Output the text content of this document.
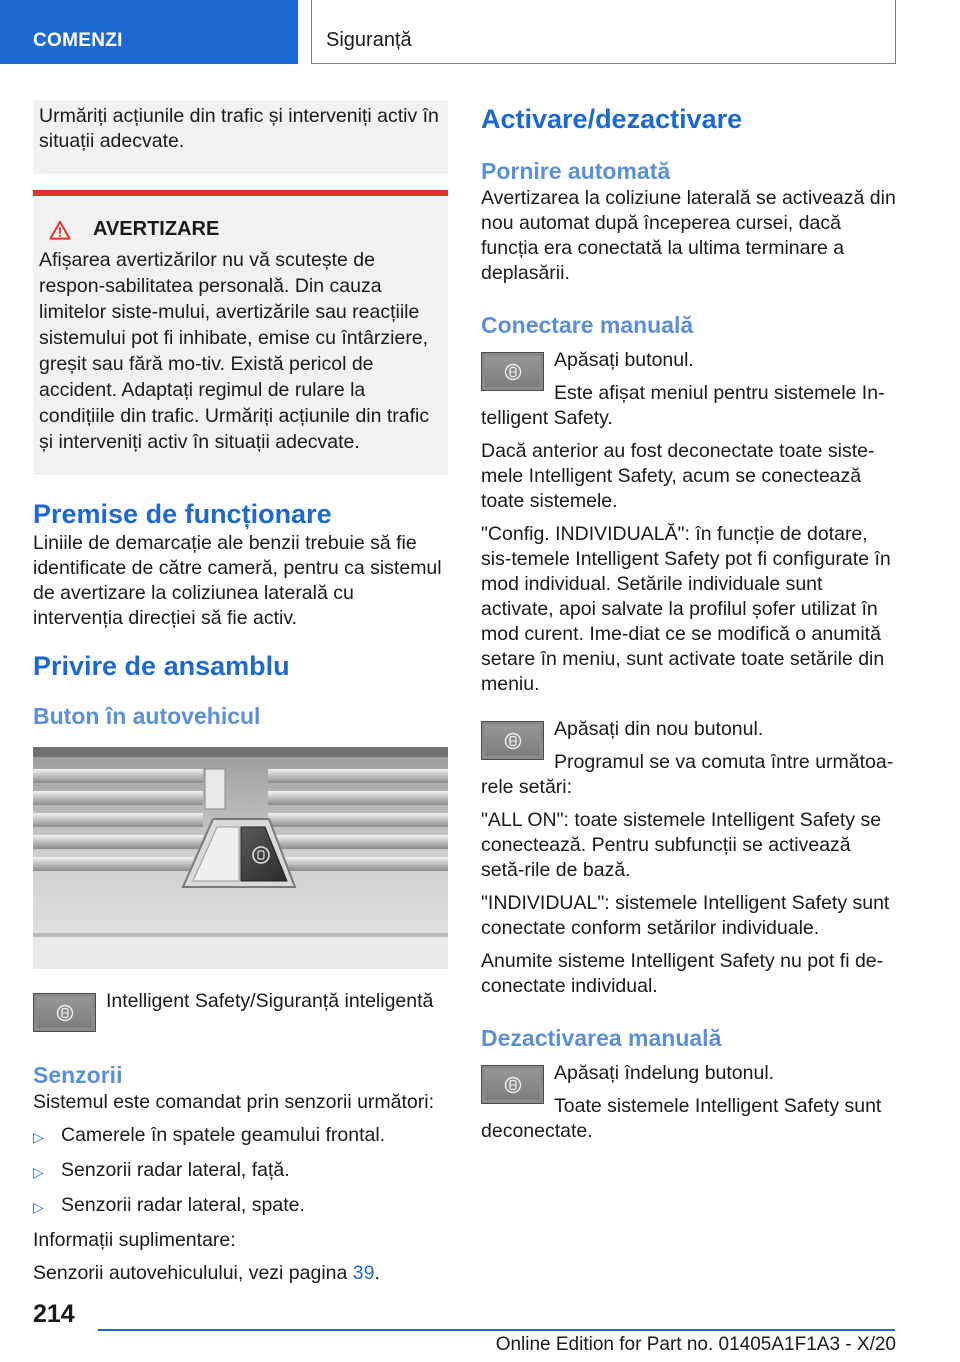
COMENZI	Siguranță
Urmăriți acțiunile din trafic și interveniți activ în situații adecvate.
AVERTIZARE
Afișarea avertizărilor nu vă scutește de respon-sabilitatea personală. Din cauza limitelor siste-mului, avertizările sau reacțiile sistemului pot fi inhibate, emise cu întârziere, greșit sau fără mo-tiv. Există pericol de accident. Adaptați regimul de rulare la condițiile din trafic. Urmăriți acțiunile din trafic și interveniți activ în situații adecvate.
Premise de funcționare
Liniile de demarcație ale benzii trebuie să fie identificate de către cameră, pentru ca sistemul de avertizare la coliziunea laterală cu intervenția direcției să fie activ.
Privire de ansamblu
Buton în autovehicul
Intelligent Safety/Siguranță inteligentă
Senzorii
Sistemul este comandat prin senzorii următori:
▷ Camerele în spatele geamului frontal.
▷ Senzorii radar lateral, față.
▷ Senzorii radar lateral, spate.
Informații suplimentare:
Senzorii autovehiculului, vezi pagina 39.
Activare/dezactivare
Pornire automată
Avertizarea la coliziune laterală se activează din nou automat după începerea cursei, dacă funcția era conectată la ultima terminare a deplasării.
Conectare manuală
Apăsați butonul.
Este afișat meniul pentru sistemele In-telligent Safety.
Dacă anterior au fost deconectate toate siste-mele Intelligent Safety, acum se conectează toate sistemele.
"Config. INDIVIDUALĂ": în funcție de dotare, sis-temele Intelligent Safety pot fi configurate în mod individual. Setările individuale sunt activate, apoi salvate la profilul șofer utilizat în mod curent. Ime-diat ce se modifică o anumită setare în meniu, sunt activate toate setările din meniu.
Apăsați din nou butonul.
Programul se va comuta între următoa-rele setări:
"ALL ON": toate sistemele Intelligent Safety se conectează. Pentru subfuncții se activează setă-rile de bază.
"INDIVIDUAL": sistemele Intelligent Safety sunt conectate conform setărilor individuale.
Anumite sisteme Intelligent Safety nu pot fi de-conectate individual.
Dezactivarea manuală
Apăsați îndelung butonul.
Toate sistemele Intelligent Safety sunt deconectate.
214
Online Edition for Part no. 01405A1F1A3 - X/20
